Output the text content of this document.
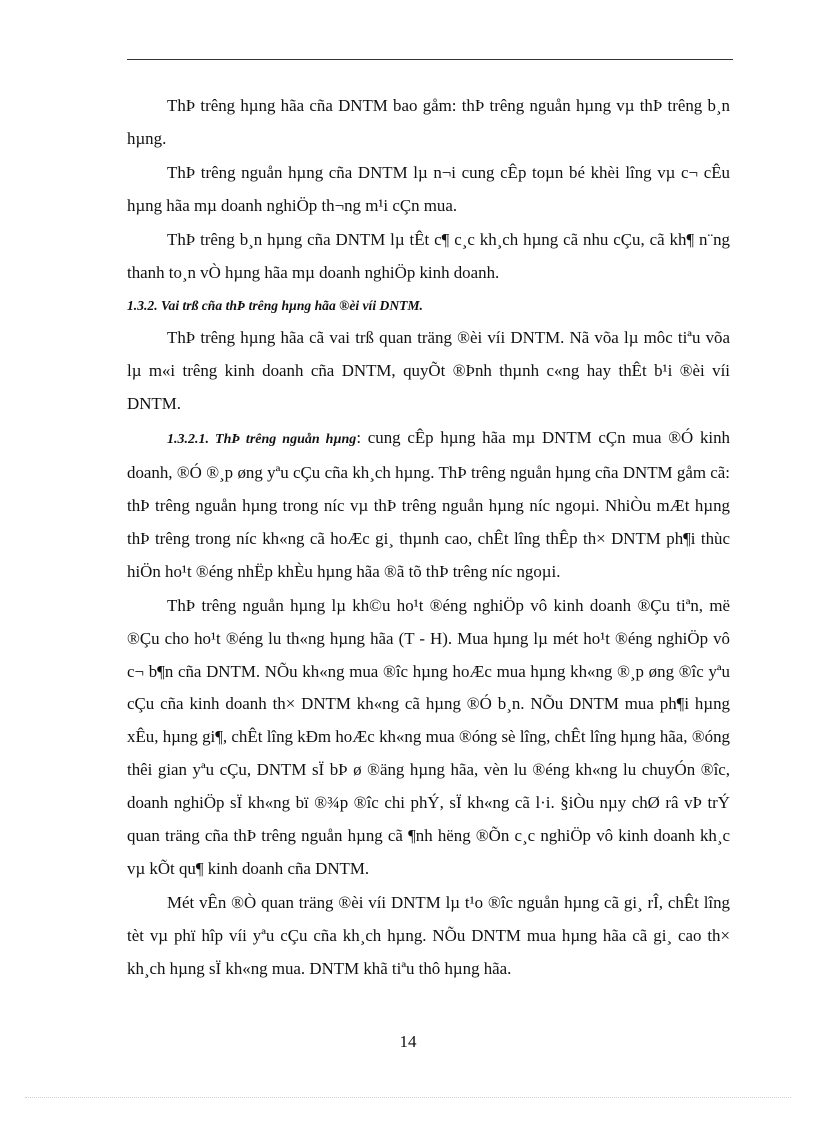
ThÞ trêng hµng hãa cña DNTM bao gåm: thÞ trêng nguån hµng vµ thÞ trêng b¸n hµng.

ThÞ trêng nguån hµng cña DNTM lµ n¬i cung cÊp toµn bé khèi lîng vµ c¬ cÊu hµng hãa mµ doanh nghiÖp th¬ng m¹i cÇn mua.

ThÞ trêng b¸n hµng cña DNTM lµ tÊt c¶ c¸c kh¸ch hµng cã nhu cÇu, cã kh¶ n¨ng thanh to¸n vÒ hµng hãa mµ doanh nghiÖp kinh doanh.

1.3.2. Vai trß cña thÞ trêng hµng hãa ®èi víi DNTM.

ThÞ trêng hµng hãa cã vai trß quan träng ®èi víi DNTM. Nã võa lµ môc tiªu võa lµ m«i trêng kinh doanh cña DNTM, quyÕt ®Þnh thµnh c«ng hay thÊt b¹i ®èi víi DNTM.

1.3.2.1. ThÞ trêng nguån hµng: cung cÊp hµng hãa mµ DNTM cÇn mua ®Ó kinh doanh, ®Ó ®¸p øng yªu cÇu cña kh¸ch hµng. ThÞ trêng nguån hµng cña DNTM gåm cã: thÞ trêng nguån hµng trong níc vµ thÞ trêng nguån hµng níc ngoµi. NhiÒu mÆt hµng thÞ trêng trong níc kh«ng cã hoÆc gi¸ thµnh cao, chÊt lîng thÊp th× DNTM ph¶i thùc hiÖn ho¹t ®éng nhËp khÈu hµng hãa ®ã tõ thÞ trêng níc ngoµi.

ThÞ trêng nguån hµng lµ kh©u ho¹t ®éng nghiÖp vô kinh doanh ®Çu tiªn, më ®Çu cho ho¹t ®éng lu th«ng hµng hãa (T - H). Mua hµng lµ mét ho¹t ®éng nghiÖp vô c¬ b¶n cña DNTM. NÕu kh«ng mua ®îc hµng hoÆc mua hµng kh«ng ®¸p øng ®îc yªu cÇu cña kinh doanh th× DNTM kh«ng cã hµng ®Ó b¸n. NÕu DNTM mua ph¶i hµng xÊu, hµng gi¶, chÊt lîng kÐm hoÆc kh«ng mua ®óng sè lîng, chÊt lîng hµng hãa, ®óng thêi gian yªu cÇu, DNTM sÏ bÞ ø ®äng hµng hãa, vèn lu ®éng kh«ng lu chuyÓn ®îc, doanh nghiÖp sÏ kh«ng bï ®¾p ®îc chi phÝ, sÏ kh«ng cã l·i. §iÒu nµy chØ râ vÞ trÝ quan träng cña thÞ trêng nguån hµng cã ¶nh hëng ®Õn c¸c nghiÖp vô kinh doanh kh¸c vµ kÕt qu¶ kinh doanh cña DNTM.

Mét vÊn ®Ò quan träng ®èi víi DNTM lµ t¹o ®îc nguån hµng cã gi¸ rÎ, chÊt lîng tèt vµ phï hîp víi yªu cÇu cña kh¸ch hµng. NÕu DNTM mua hµng hãa cã gi¸ cao th× kh¸ch hµng sÏ kh«ng mua. DNTM khã tiªu thô hµng hãa.

14
